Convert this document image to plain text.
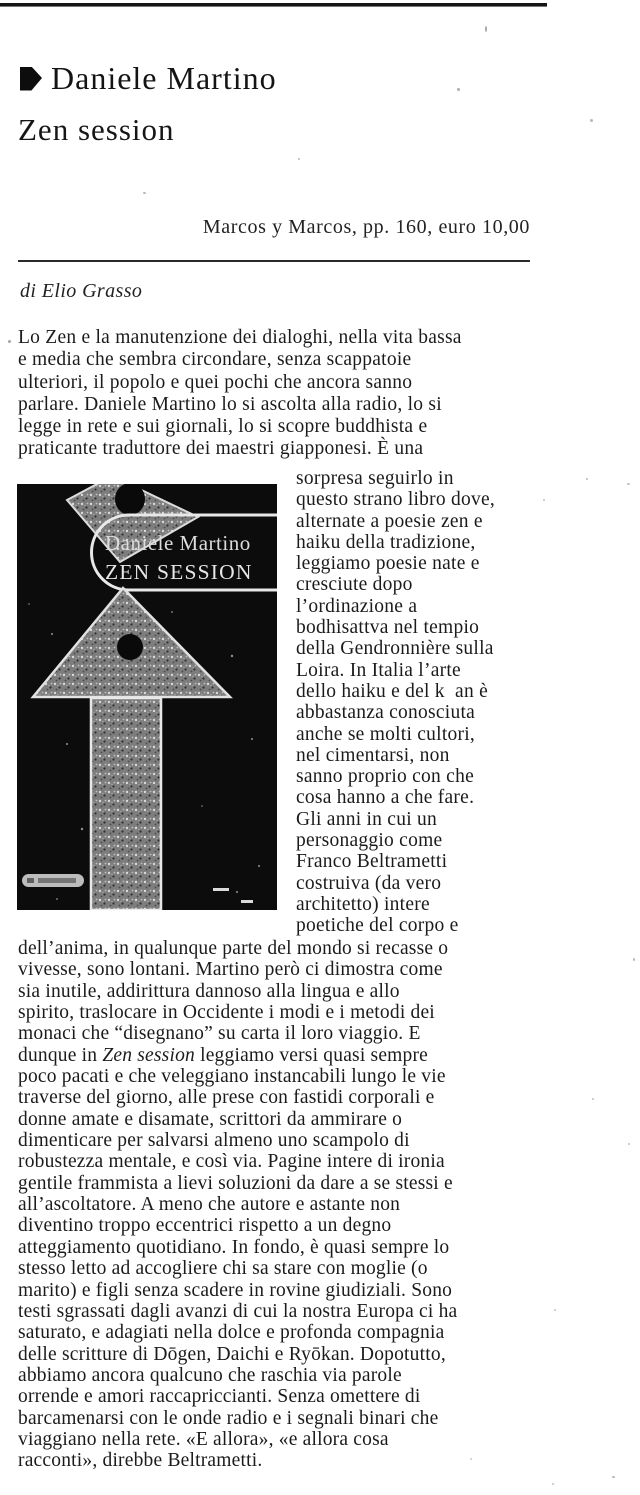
Daniele Martino
Zen session
Marcos y Marcos, pp. 160, euro 10,00
di Elio Grasso
Lo Zen e la manutenzione dei dialoghi, nella vita bassa
e media che sembra circondare, senza scappatoie
ulteriori, il popolo e quei pochi che ancora sanno
parlare. Daniele Martino lo si ascolta alla radio, lo si
legge in rete e sui giornali, lo si scopre buddhista e
praticante traduttore dei maestri giapponesi. È una
Daniele Martino
ZEN SESSION
sorpresa seguirlo in
questo strano libro dove,
alternate a poesie zen e
haiku della tradizione,
leggiamo poesie nate e
cresciute dopo
l’ordinazione a
bodhisattva nel tempio
della Gendronnière sulla
Loira. In Italia l’arte
dello haiku e del k  an è
abbastanza conosciuta
anche se molti cultori,
nel cimentarsi, non
sanno proprio con che
cosa hanno a che fare.
Gli anni in cui un
personaggio come
Franco Beltrametti
costruiva (da vero
architetto) intere
poetiche del corpo e
dell’anima, in qualunque parte del mondo si recasse o
vivesse, sono lontani. Martino però ci dimostra come
sia inutile, addirittura dannoso alla lingua e allo
spirito, traslocare in Occidente i modi e i metodi dei
monaci che “disegnano” su carta il loro viaggio. E
dunque in Zen session leggiamo versi quasi sempre
poco pacati e che veleggiano instancabili lungo le vie
traverse del giorno, alle prese con fastidi corporali e
donne amate e disamate, scrittori da ammirare o
dimenticare per salvarsi almeno uno scampolo di
robustezza mentale, e così via. Pagine intere di ironia
gentile frammista a lievi soluzioni da dare a se stessi e
all’ascoltatore. A meno che autore e astante non
diventino troppo eccentrici rispetto a un degno
atteggiamento quotidiano. In fondo, è quasi sempre lo
stesso letto ad accogliere chi sa stare con moglie (o
marito) e figli senza scadere in rovine giudiziali. Sono
testi sgrassati dagli avanzi di cui la nostra Europa ci ha
saturato, e adagiati nella dolce e profonda compagnia
delle scritture di Dōgen, Daichi e Ryōkan. Dopotutto,
abbiamo ancora qualcuno che raschia via parole
orrende e amori raccapriccianti. Senza omettere di
barcamenarsi con le onde radio e i segnali binari che
viaggiano nella rete. «E allora», «e allora cosa
racconti», direbbe Beltrametti.
